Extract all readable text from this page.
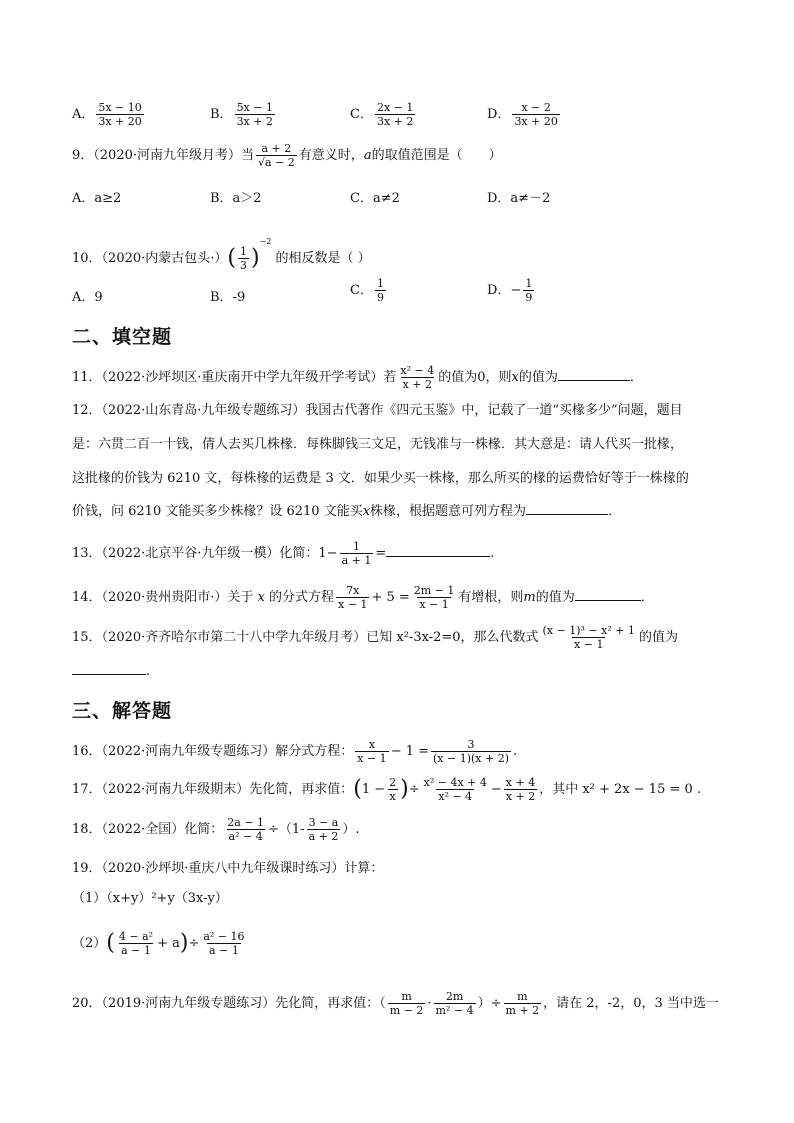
A． $\frac{5x - 10}{3x + 20}$	B． $\frac{5x - 1}{3x + 2}$	C． $\frac{2x - 1}{3x + 2}$	D． $\frac{x - 2}{3x + 20}$
9．（2020·河南九年级月考）当 $\frac{a + 2}{√a - 2}$ 有意义时，a的取值范围是（　　）
A．a≥2	B．a＞2	C．a≠2	D．a≠－2
10．（2020·内蒙古包头·）( $\frac{1}{3} )^{-2}$ 的相反数是（ ）
A．9	B．-9	C． $\frac{1}{9}$	D．− $\frac{1}{9}$
二、填空题
11．（2022·沙坪坝区·重庆南开中学九年级开学考试）若 $\frac{\text{x² − 4}}{x + 2}$ 的值为0，则x的值为	．
12．（2022·山东青岛·九年级专题练习）我国古代著作《四元玉鉴》中，记载了一道“买椽多少”问题，题目
是：六贯二百一十钱，倩人去买几株椽．每株脚钱三文足，无钱准与一株椽．其大意是：请人代买一批椽，
这批椽的价钱为 6210 文，每株椽的运费是 3 文．如果少买一株椽，那么所买的椽的运费恰好等于一株椽的
价钱，问 6210 文能买多少株椽？设 6210 文能买x株椽，根据题意可列方程为	．
13．（2022·北京平谷·九年级一模）化简：$1- \frac{1}{a + 1}$ =	.
14．（2020·贵州贵阳市·）关于 x 的分式方程 $\frac{7x}{x - 1} + 5 = \frac{2m - 1}{x - 1}$ 有增根，则m的值为	．
15．（2020·齐齐哈尔市第二十八中学九年级月考）已知 x²-3x-2=0，那么代数式 $\frac{\text{(x − 1)³ − x² + 1}}{x - 1}$ 的值为
.
三、解答题
16．（2022·河南九年级专题练习）解分式方程： $\frac{x}{x - 1} - 1 = \frac{3}{(x - 1)(x + 2)}$ .
17．（2022·河南九年级期末）先化简，再求值：($1 - \frac{2}{x}$ )÷ $\frac{\text{x² − 4x + 4}}{\text{x² − 4}} - \frac{x + 4}{x + 2}$ ，其中 x² + 2x − 15 = 0 .
18．（2022·全国）化简： $\frac{2a - 1}{\text{a² − 4}} \div(1- \frac{3 - a}{a + 2}$ ）.
19．（2020·沙坪坝·重庆八中九年级课时练习）计算：
（1）（x+y）²+y（3x-y）
$(2)( \frac{\text{4 − a²}}{a - 1} + a)\div \frac{\text{a² − 16}}{a - 1}$
20．（2019·河南九年级专题练习）先化简，再求值：（ $\frac{m}{m - 2} \cdot \frac{2m}{\text{m² − 4}}$ ）÷ $\frac{m}{m + 2}$ ，请在 2，-2，0，3 当中选一
